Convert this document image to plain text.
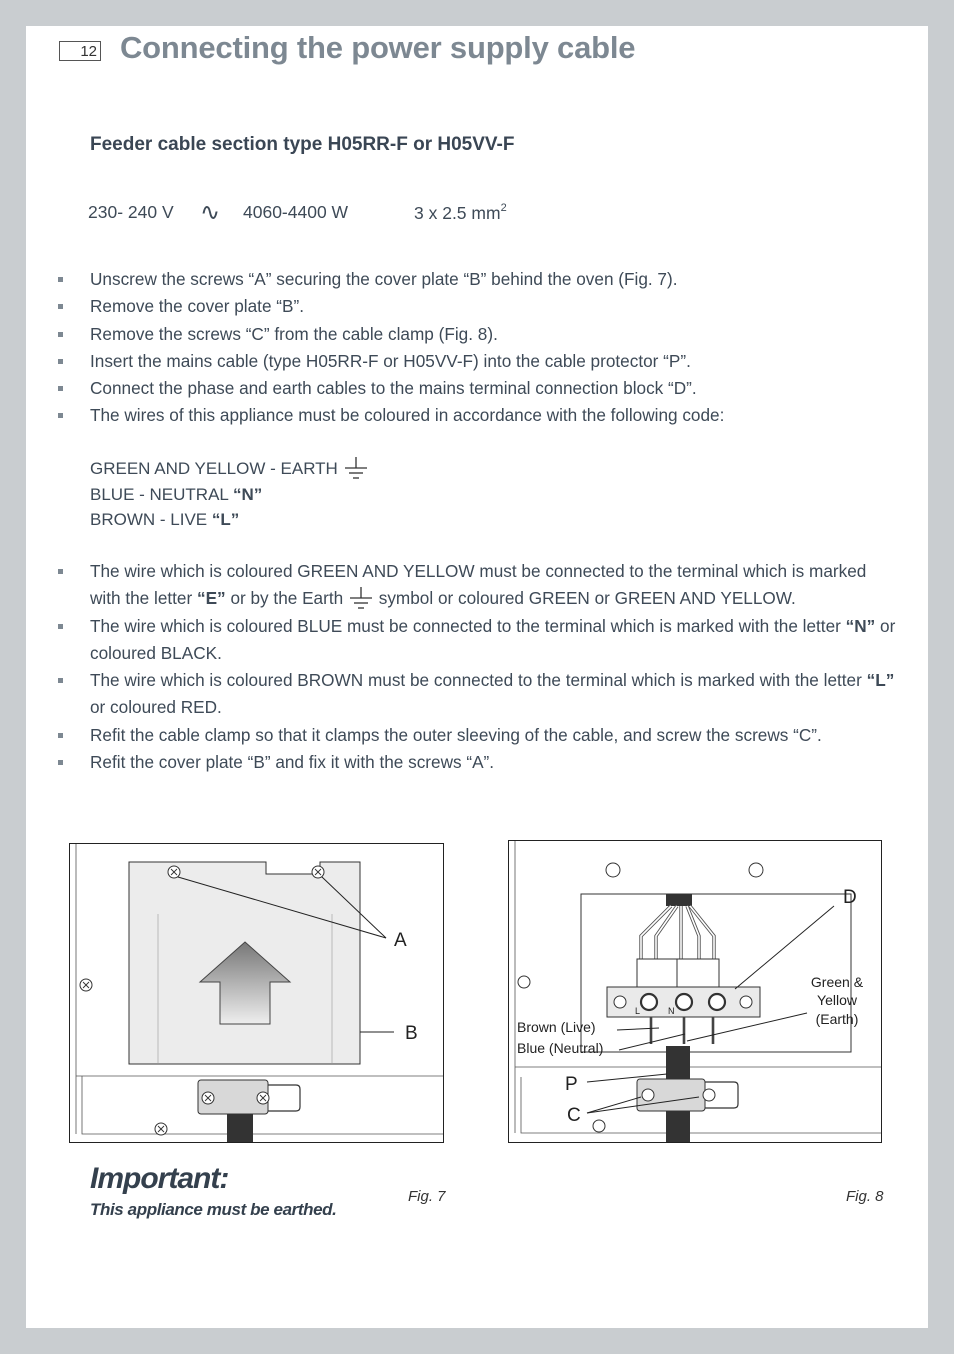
12 Connecting the power supply cable
Feeder cable section type H05RR-F or H05VV-F
230- 240 V ∿ 4060-4400 W	3 x 2.5 $mm^2$
Unscrew the screws “A” securing the cover plate “B” behind the oven (Fig. 7).
Remove the cover plate “B”.
Remove the screws “C” from the cable clamp (Fig. 8).
Insert the mains cable (type H05RR-F or H05VV-F) into the cable protector “P”.
Connect the phase and earth cables to the mains terminal connection block “D”.
The wires of this appliance must be coloured in accordance with the following code:
GREEN AND YELLOW - EARTH
BLUE - NEUTRAL “N”
BROWN - LIVE “L”
The wire which is coloured GREEN AND YELLOW must be connected to the terminal which is marked with the letter “E” or by the Earth symbol or coloured GREEN or GREEN AND YELLOW.
The wire which is coloured BLUE must be connected to the terminal which is marked with the letter “N” or coloured BLACK.
The wire which is coloured BROWN must be connected to the terminal which is marked with the letter “L” or coloured RED.
Refit the cable clamp so that it clamps the outer sleeving of the cable, and screw the screws “C”.
Refit the cover plate “B” and fix it with the screws “A”.
A
B
L	N
D
P
C
Brown (Live)
Blue (Neutral)
Green &
Yellow
(Earth)
Important:
This appliance must be earthed.
Fig. 7	Fig. 8
